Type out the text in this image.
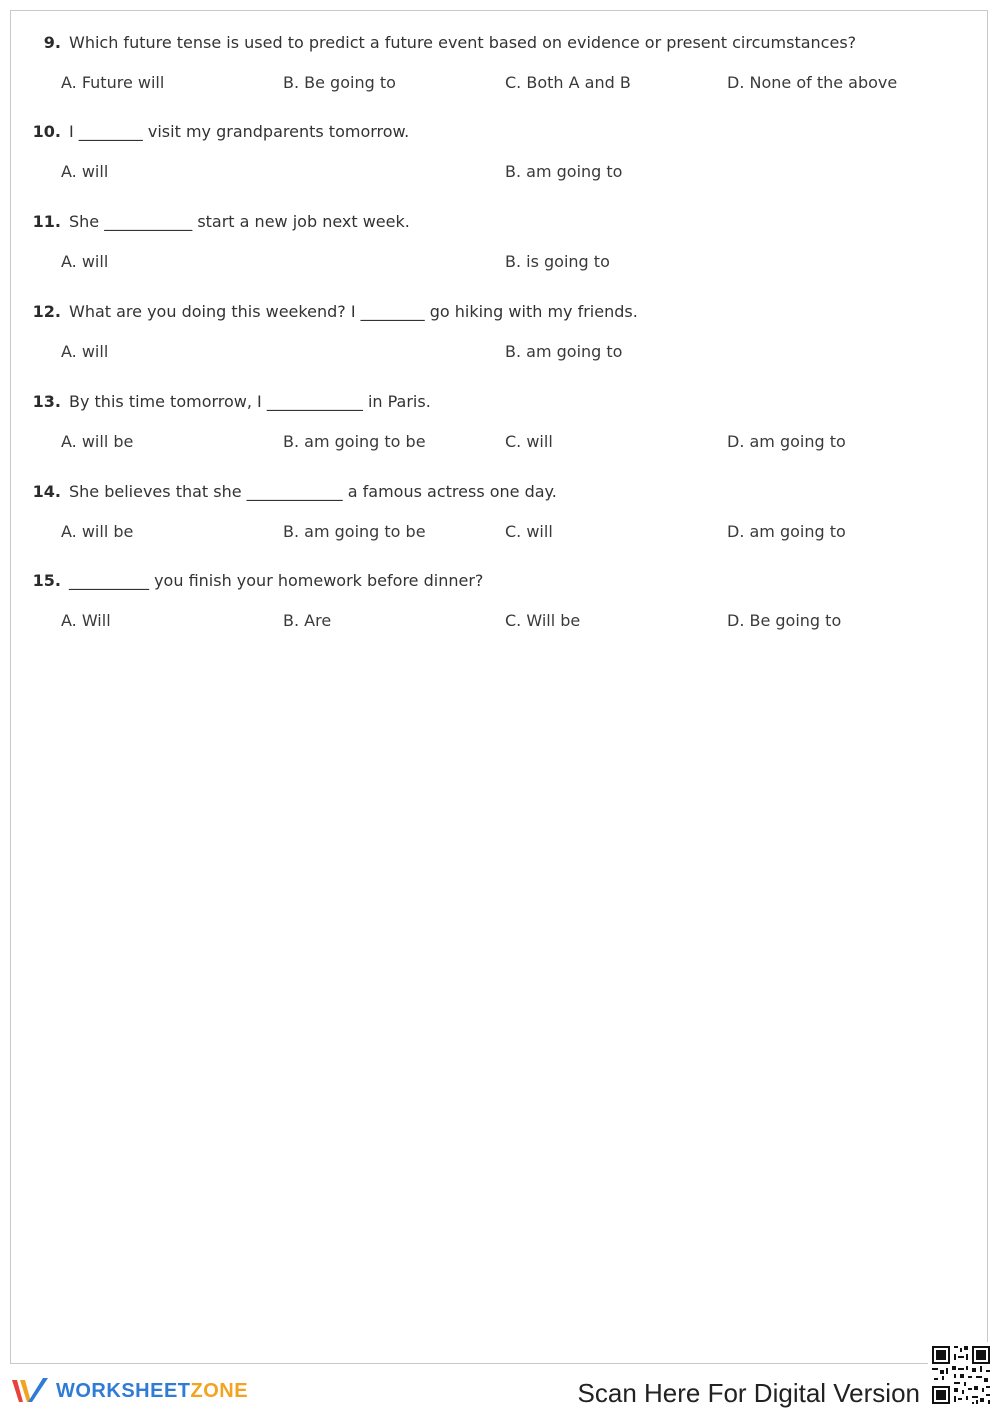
9. Which future tense is used to predict a future event based on evidence or present circumstances?
A. Future will	B. Be going to	C. Both A and B	D. None of the above
10. I ________ visit my grandparents tomorrow.
A. will	B. am going to
11. She ___________ start a new job next week.
A. will	B. is going to
12. What are you doing this weekend? I ________ go hiking with my friends.
A. will	B. am going to
13. By this time tomorrow, I ____________ in Paris.
A. will be	B. am going to be	C. will	D. am going to
14. She believes that she ____________ a famous actress one day.
A. will be	B. am going to be	C. will	D. am going to
15. __________ you finish your homework before dinner?
A. Will	B. Are	C. Will be	D. Be going to
WORKSHEETZONE	Scan Here For Digital Version
